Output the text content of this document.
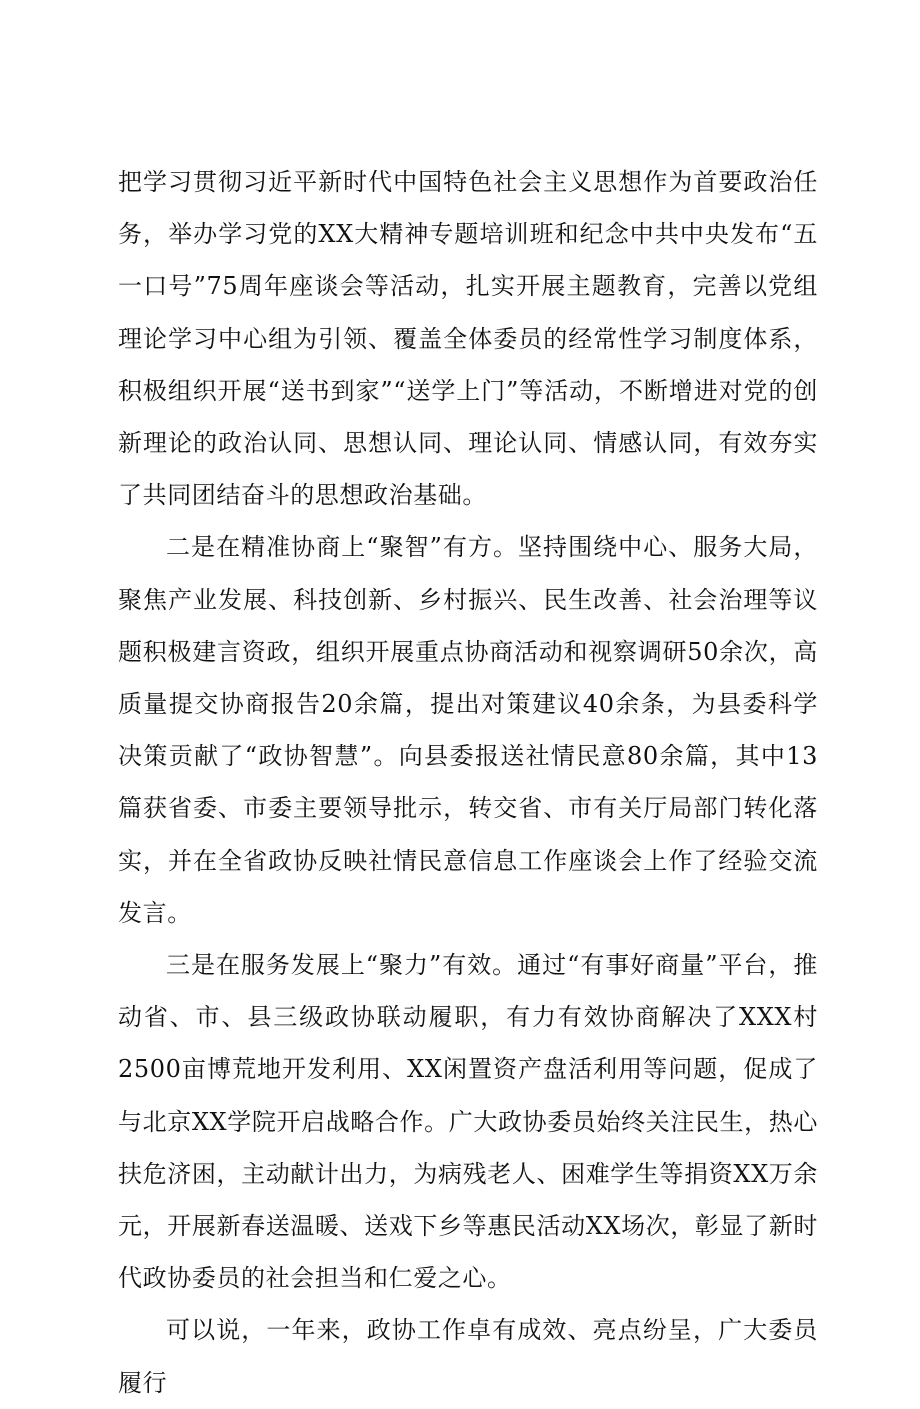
把学习贯彻习近平新时代中国特色社会主义思想作为首要政治任务，举办学习党的XX大精神专题培训班和纪念中共中央发布“五一口号”75周年座谈会等活动，扎实开展主题教育，完善以党组理论学习中心组为引领、覆盖全体委员的经常性学习制度体系，积极组织开展“送书到家”“送学上门”等活动，不断增进对党的创新理论的政治认同、思想认同、理论认同、情感认同，有效夯实了共同团结奋斗的思想政治基础。

二是在精准协商上“聚智”有方。坚持围绕中心、服务大局，聚焦产业发展、科技创新、乡村振兴、民生改善、社会治理等议题积极建言资政，组织开展重点协商活动和视察调研50余次，高质量提交协商报告20余篇，提出对策建议40余条，为县委科学决策贡献了“政协智慧”。向县委报送社情民意80余篇，其中13篇获省委、市委主要领导批示，转交省、市有关厅局部门转化落实，并在全省政协反映社情民意信息工作座谈会上作了经验交流发言。

三是在服务发展上“聚力”有效。通过“有事好商量”平台，推动省、市、县三级政协联动履职，有力有效协商解决了XXX村2500亩博荒地开发利用、XX闲置资产盘活利用等问题，促成了与北京XX学院开启战略合作。广大政协委员始终关注民生，热心扶危济困，主动献计出力，为病残老人、困难学生等捐资XX万余元，开展新春送温暖、送戏下乡等惠民活动XX场次，彰显了新时代政协委员的社会担当和仁爱之心。

可以说，一年来，政协工作卓有成效、亮点纷呈，广大委员履行
